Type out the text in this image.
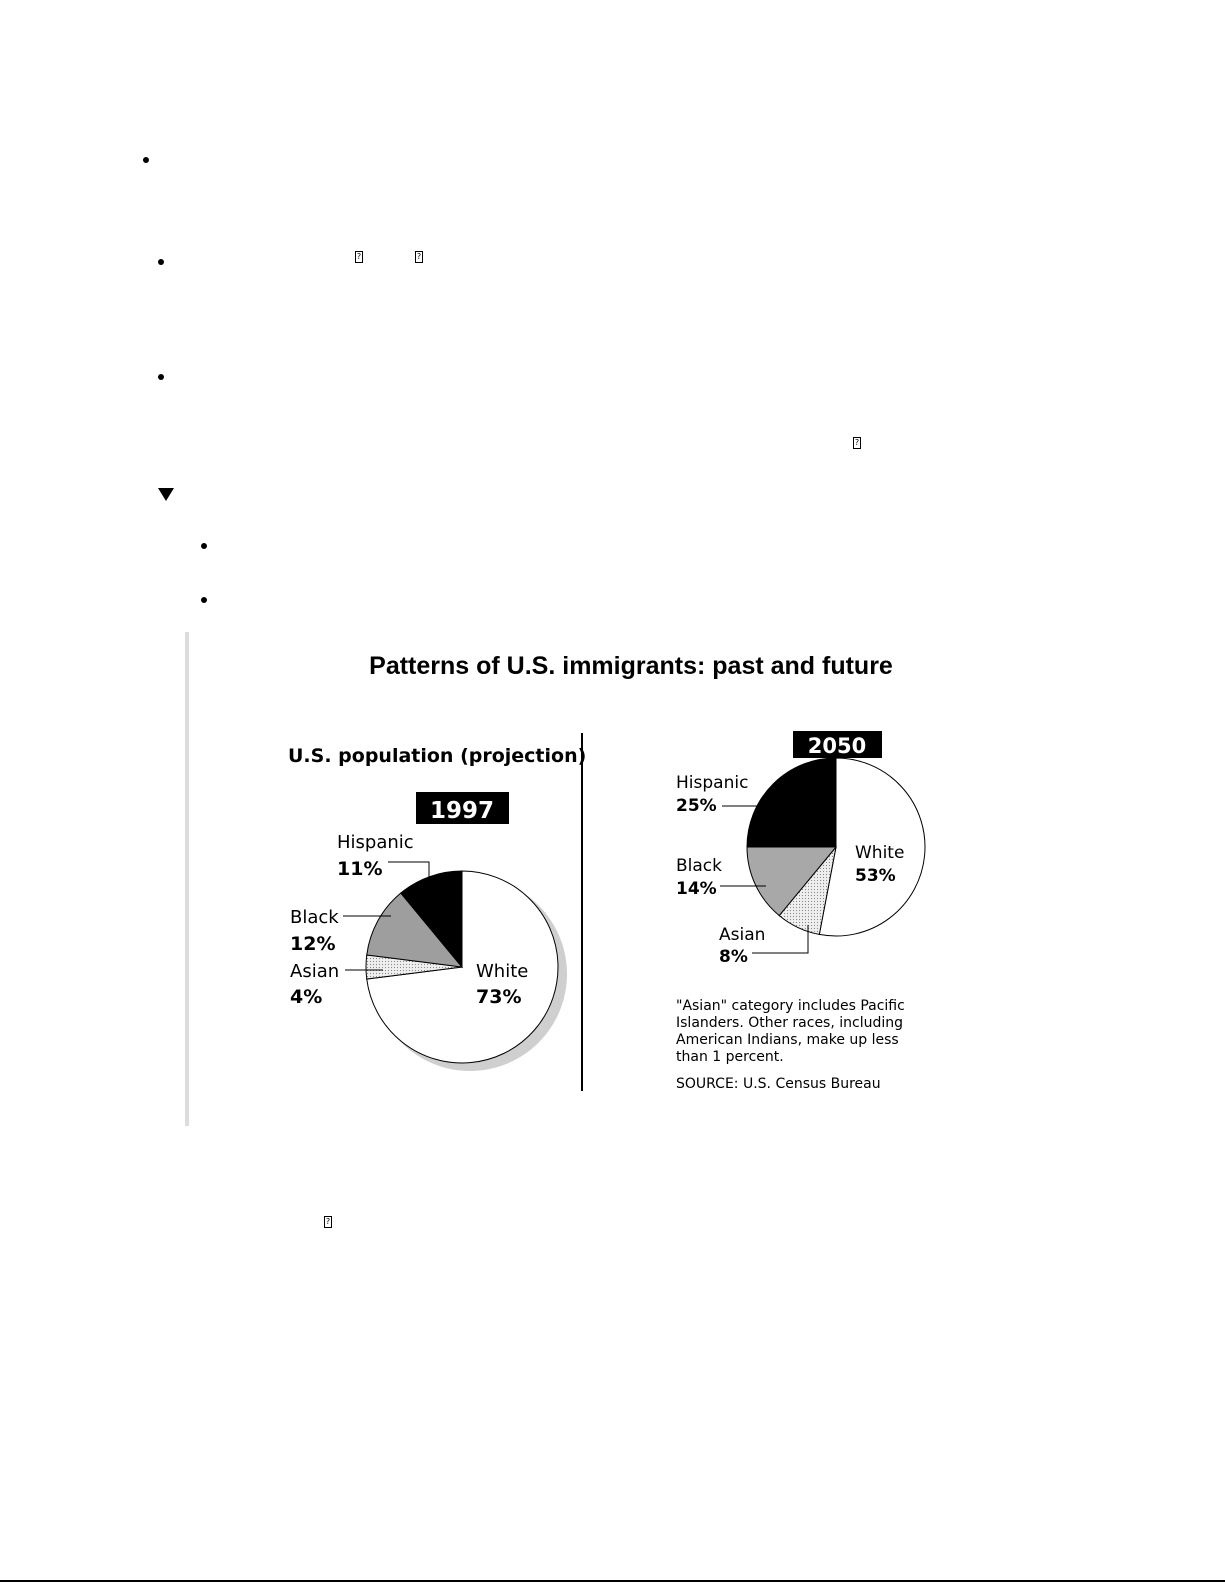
?	?
?
?
Patterns of U.S. immigrants: past and future
U.S. population (projection)
1997
Hispanic
11%
Black
12%
Asian
4%
White
73%
2050
Hispanic
25%
Black
14%
Asian
8%
White
53%
"Asian" category includes Pacific
Islanders. Other races, including
American Indians, make up less
than 1 percent.
SOURCE: U.S. Census Bureau
